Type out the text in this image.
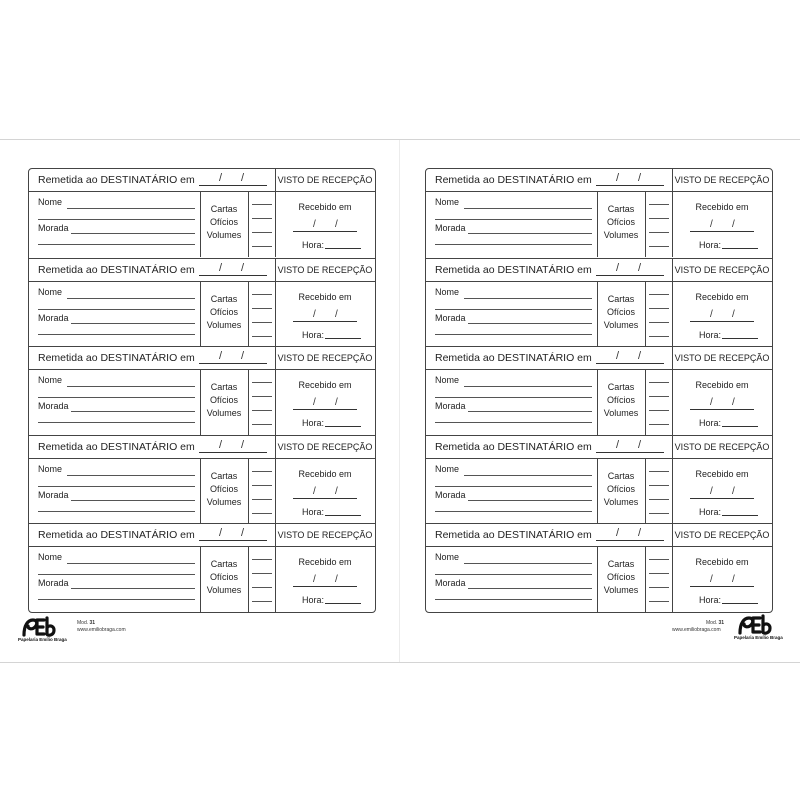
Remetida ao DESTINATÁRIO em / /	VISTO DE RECEPÇÃO
Nome
Morada
Cartas
Ofícios
Volumes
Recebido em
/ /
Hora:
Remetida ao DESTINATÁRIO em / /	VISTO DE RECEPÇÃO
Nome
Morada
Cartas
Ofícios
Volumes
Recebido em
/ /
Hora:
Remetida ao DESTINATÁRIO em / /	VISTO DE RECEPÇÃO
Nome
Morada
Cartas
Ofícios
Volumes
Recebido em
/ /
Hora:
Remetida ao DESTINATÁRIO em / /	VISTO DE RECEPÇÃO
Nome
Morada
Cartas
Ofícios
Volumes
Recebido em
/ /
Hora:
Remetida ao DESTINATÁRIO em / /	VISTO DE RECEPÇÃO
Nome
Morada
Cartas
Ofícios
Volumes
Recebido em
/ /
Hora:
Remetida ao DESTINATÁRIO em / /	VISTO DE RECEPÇÃO
Nome
Morada
Cartas
Ofícios
Volumes
Recebido em
/ /
Hora:
Remetida ao DESTINATÁRIO em / /	VISTO DE RECEPÇÃO
Nome
Morada
Cartas
Ofícios
Volumes
Recebido em
/ /
Hora:
Remetida ao DESTINATÁRIO em / /	VISTO DE RECEPÇÃO
Nome
Morada
Cartas
Ofícios
Volumes
Recebido em
/ /
Hora:
Remetida ao DESTINATÁRIO em / /	VISTO DE RECEPÇÃO
Nome
Morada
Cartas
Ofícios
Volumes
Recebido em
/ /
Hora:
Remetida ao DESTINATÁRIO em / /	VISTO DE RECEPÇÃO
Nome
Morada
Cartas
Ofícios
Volumes
Recebido em
/ /
Hora:
Papelaria Emílio Braga
Mod. 31
www.emiliobraga.com
Mod. 31
www.emiliobraga.com
Papelaria Emílio Braga
